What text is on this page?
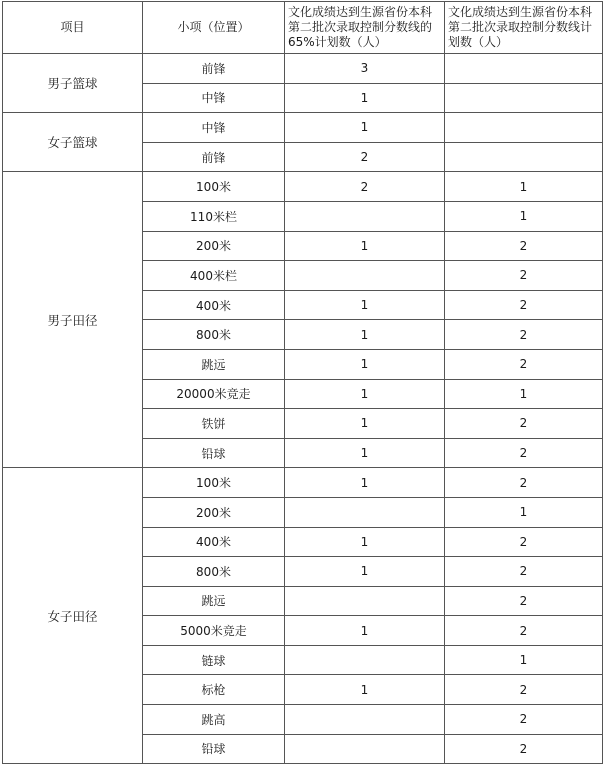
项目	小项（位置）	文化成绩达到生源省份本科第二批次录取控制分数线的65%计划数（人）	文化成绩达到生源省份本科第二批次录取控制分数线计划数（人）
男子篮球	前锋	3	
	中锋	1	
女子篮球	中锋	1	
	前锋	2	
男子田径	100米	2	1
	110米栏		1
	200米	1	2
	400米栏		2
	400米	1	2
	800米	1	2
	跳远	1	2
	20000米竞走	1	1
	铁饼	1	2
	铅球	1	2
女子田径	100米	1	2
	200米		1
	400米	1	2
	800米	1	2
	跳远		2
	5000米竞走	1	2
	链球		1
	标枪	1	2
	跳高		2
	铅球		2
